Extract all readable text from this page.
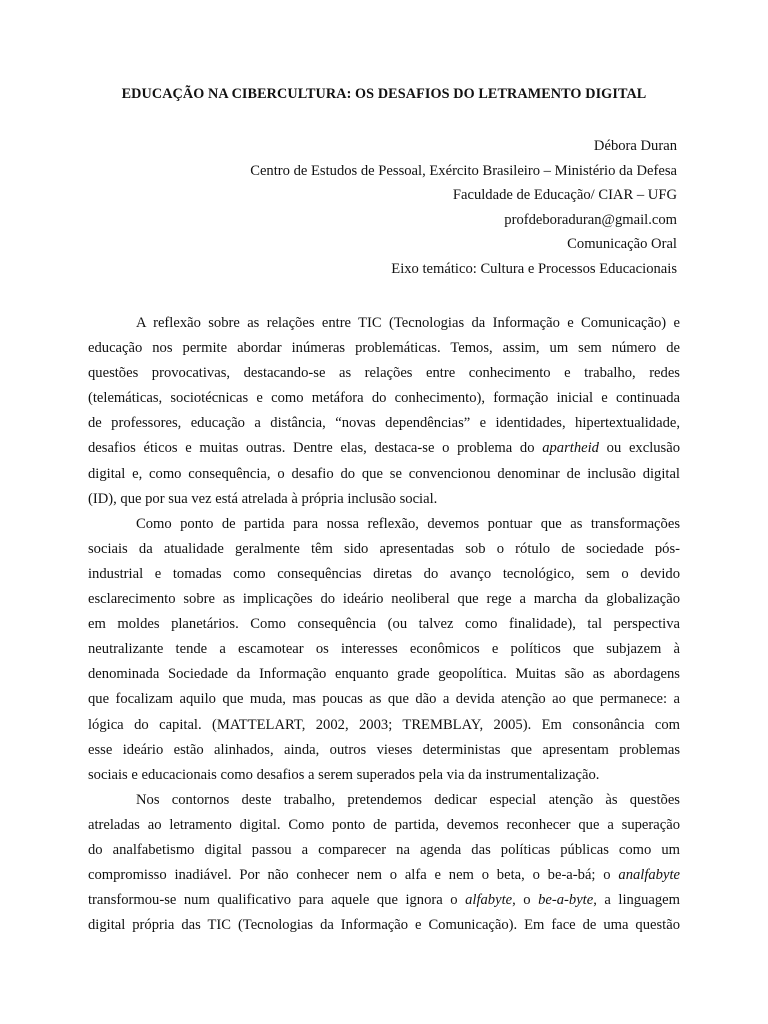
EDUCAÇÃO NA CIBERCULTURA: OS DESAFIOS DO LETRAMENTO DIGITAL
Débora Duran
Centro de Estudos de Pessoal, Exército Brasileiro – Ministério da Defesa
Faculdade de Educação/ CIAR – UFG
profdeboraduran@gmail.com
Comunicação Oral
Eixo temático: Cultura e Processos Educacionais
A reflexão sobre as relações entre TIC (Tecnologias da Informação e Comunicação) e
educação nos permite abordar inúmeras problemáticas. Temos, assim, um sem número de
questões provocativas, destacando-se as relações entre conhecimento e trabalho, redes
(telemáticas, sociotécnicas e como metáfora do conhecimento), formação inicial e continuada
de professores, educação a distância, “novas dependências” e identidades, hipertextualidade,
desafios éticos e muitas outras. Dentre elas, destaca-se o problema do apartheid ou exclusão
digital e, como consequência, o desafio do que se convencionou denominar de inclusão digital
(ID), que por sua vez está atrelada à própria inclusão social.
Como ponto de partida para nossa reflexão, devemos pontuar que as transformações
sociais da atualidade geralmente têm sido apresentadas sob o rótulo de sociedade pós-
industrial e tomadas como consequências diretas do avanço tecnológico, sem o devido
esclarecimento sobre as implicações do ideário neoliberal que rege a marcha da globalização
em moldes planetários. Como consequência (ou talvez como finalidade), tal perspectiva
neutralizante tende a escamotear os interesses econômicos e políticos que subjazem à
denominada Sociedade da Informação enquanto grade geopolítica. Muitas são as abordagens
que focalizam aquilo que muda, mas poucas as que dão a devida atenção ao que permanece: a
lógica do capital. (MATTELART, 2002, 2003; TREMBLAY, 2005). Em consonância com
esse ideário estão alinhados, ainda, outros vieses deterministas que apresentam problemas
sociais e educacionais como desafios a serem superados pela via da instrumentalização.
Nos contornos deste trabalho, pretendemos dedicar especial atenção às questões
atreladas ao letramento digital. Como ponto de partida, devemos reconhecer que a superação
do analfabetismo digital passou a comparecer na agenda das políticas públicas como um
compromisso inadiável. Por não conhecer nem o alfa e nem o beta, o be-a-bá; o analfabyte
transformou-se num qualificativo para aquele que ignora o alfabyte, o be-a-byte, a linguagem
digital própria das TIC (Tecnologias da Informação e Comunicação). Em face de uma questão
